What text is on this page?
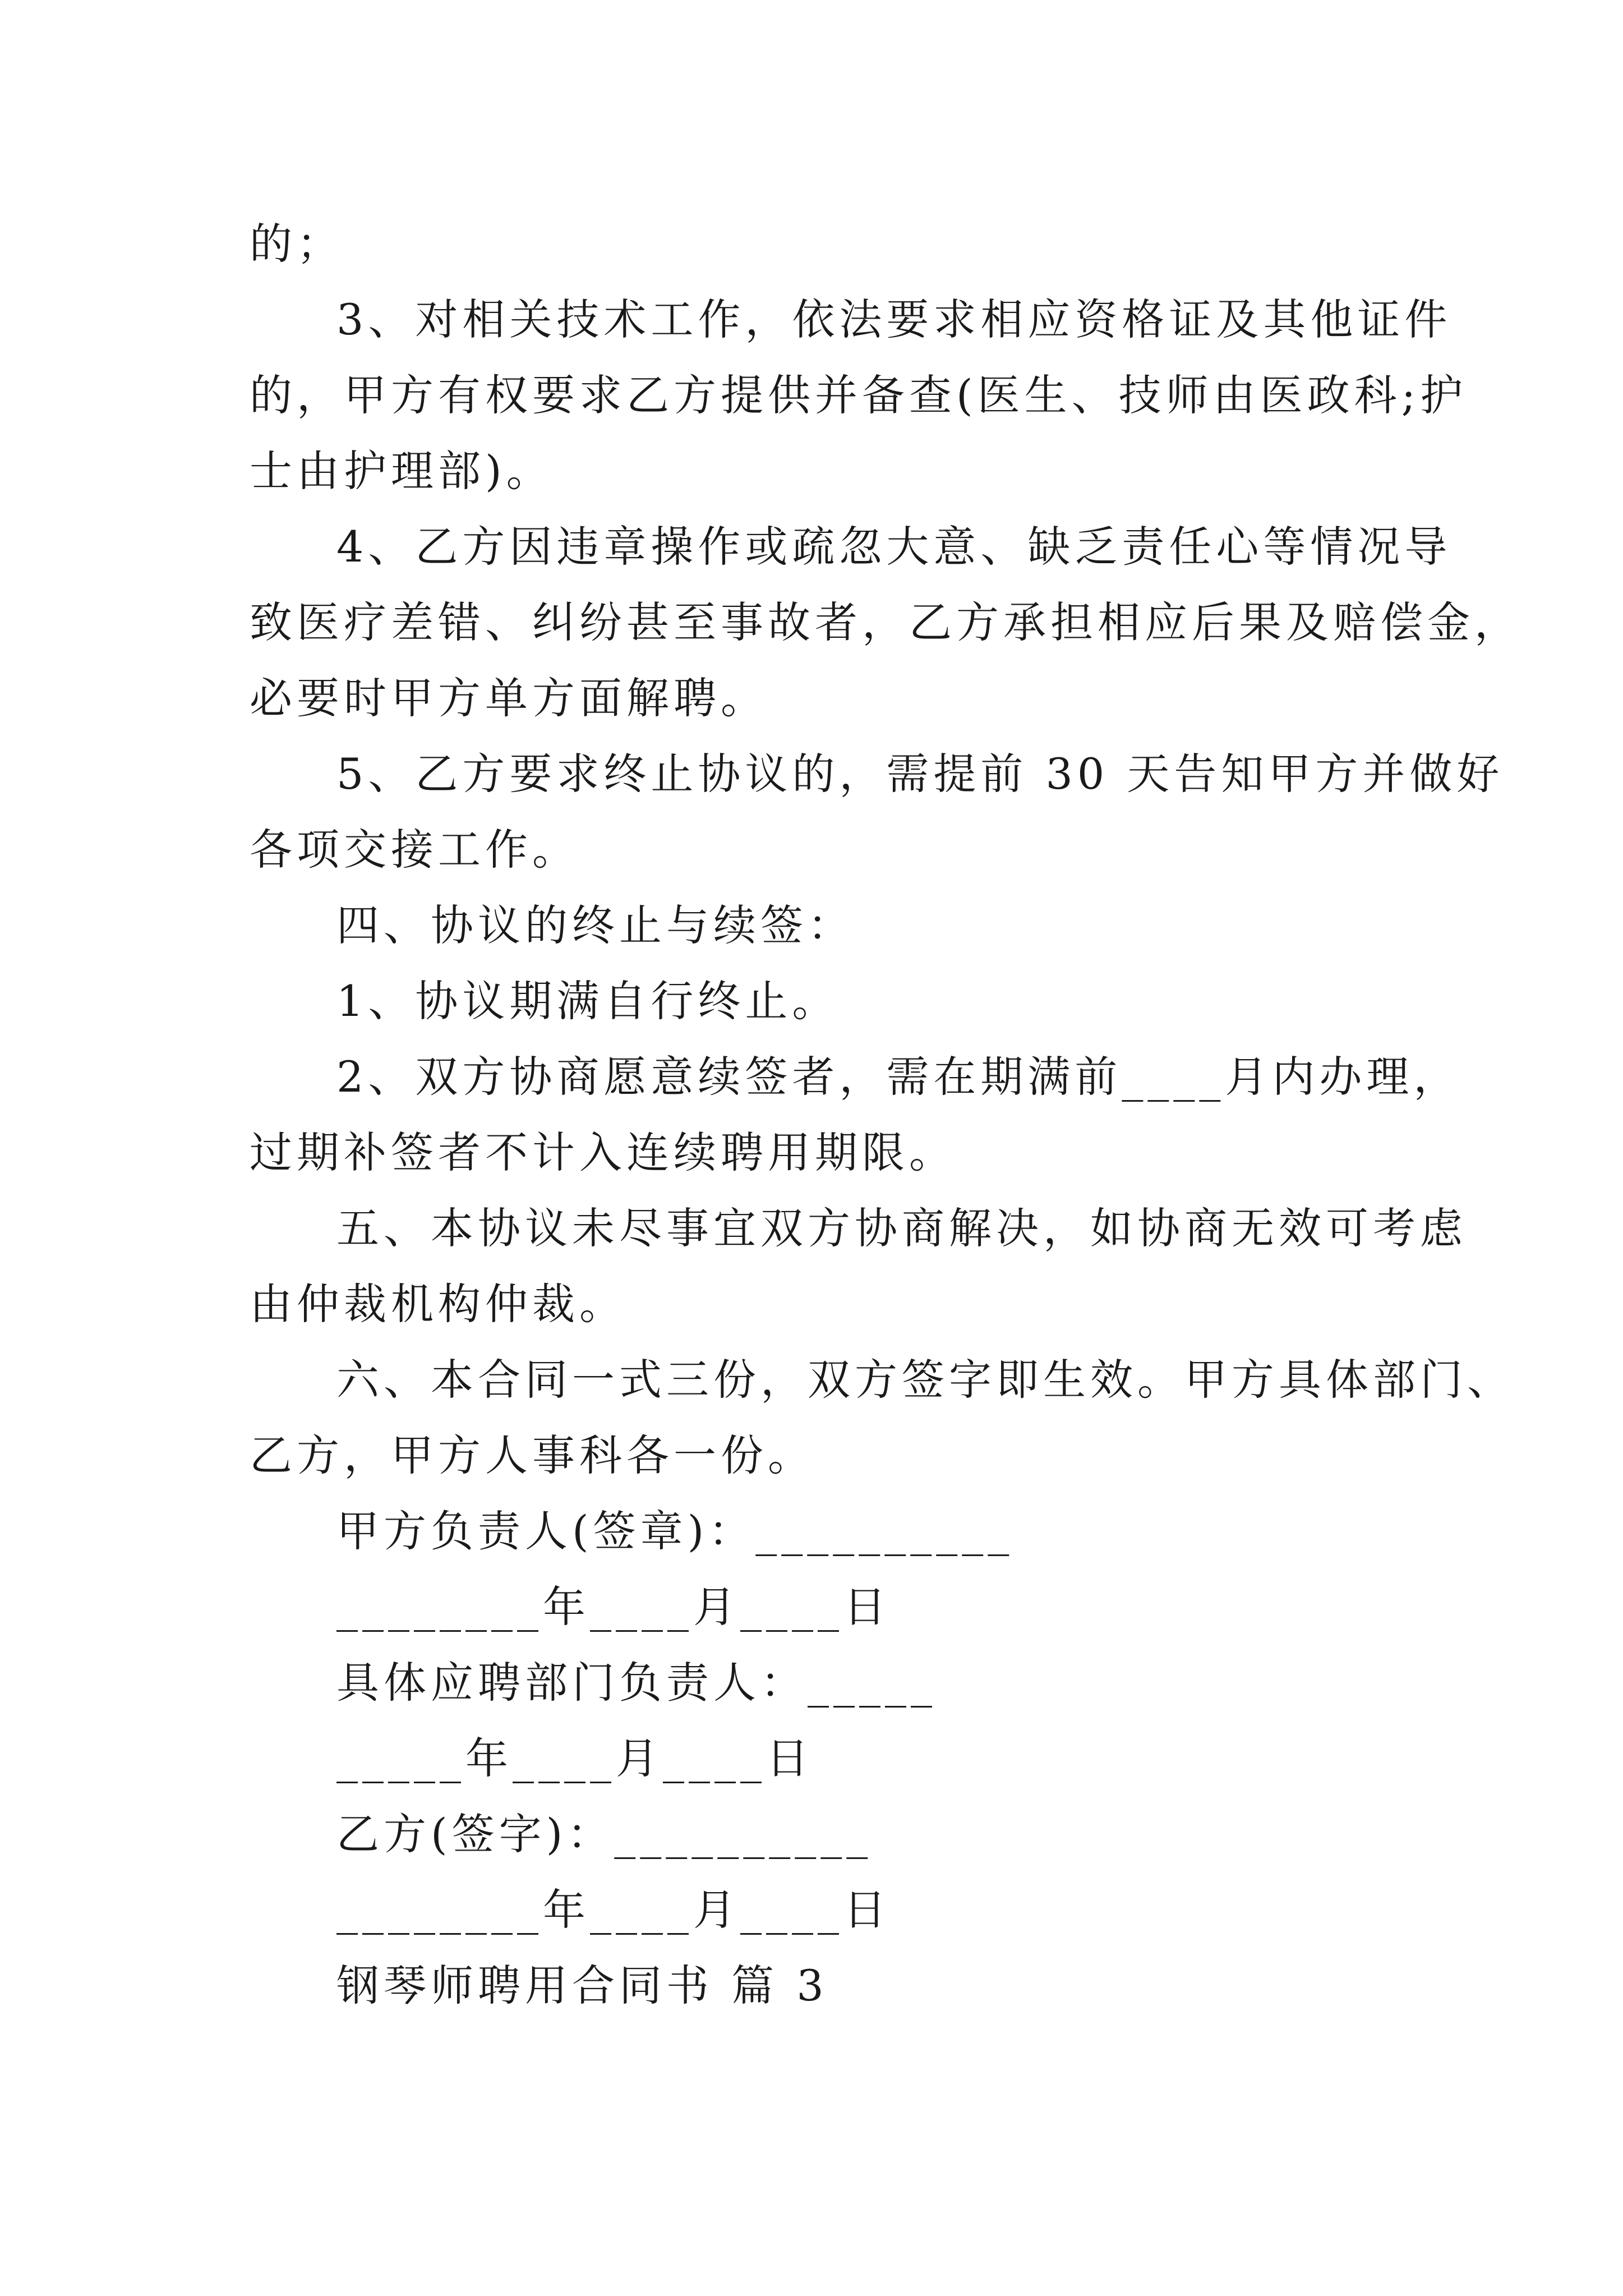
的；
3、对相关技术工作，依法要求相应资格证及其他证件
的，甲方有权要求乙方提供并备查(医生、技师由医政科;护
士由护理部)。
4、乙方因违章操作或疏忽大意、缺乏责任心等情况导
致医疗差错、纠纷甚至事故者，乙方承担相应后果及赔偿金，
必要时甲方单方面解聘。
5、乙方要求终止协议的，需提前 30 天告知甲方并做好
各项交接工作。
四、协议的终止与续签：
1、协议期满自行终止。
2、双方协商愿意续签者，需在期满前____月内办理，
过期补签者不计入连续聘用期限。
五、本协议未尽事宜双方协商解决，如协商无效可考虑
由仲裁机构仲裁。
六、本合同一式三份，双方签字即生效。甲方具体部门、
乙方，甲方人事科各一份。
甲方负责人(签章)：__________
________年____月____日
具体应聘部门负责人：_____
_____年____月____日
乙方(签字)：__________
________年____月____日
钢琴师聘用合同书 篇 3
